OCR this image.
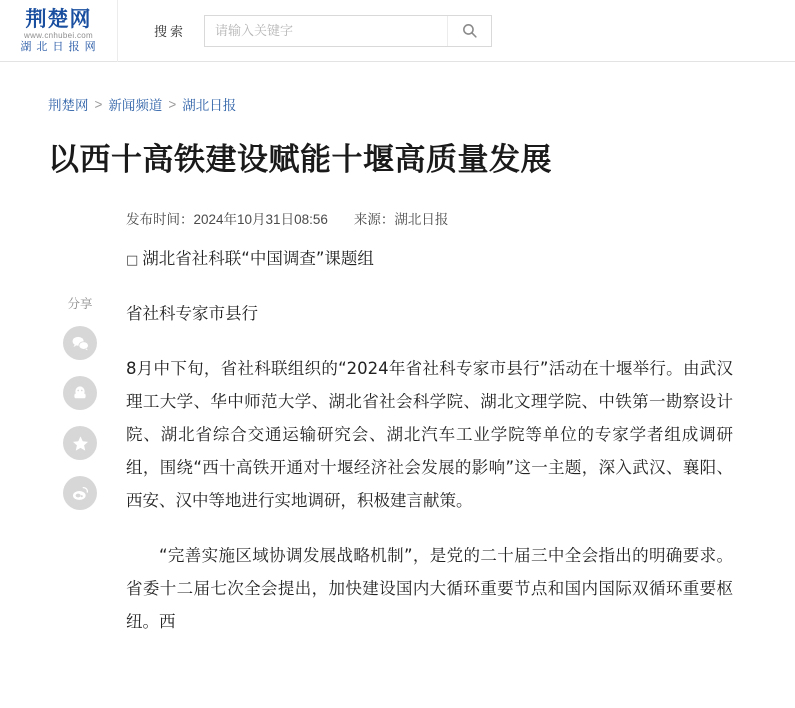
荆楚网
www.cnhubei.com
湖 北 日 报 网
搜索
请输入关键字
荆楚网 > 新闻频道 > 湖北日报
以西十高铁建设赋能十堰高质量发展
发布时间：2024年10月31日08:56 来源：湖北日报

□ 湖北省社科联“中国调查”课题组

省社科专家市县行

8月中下旬，省社科联组织的“2024年省社科专家市县行”活动在十堰举行。由武汉理工大学、华中师范大学、湖北省社会科学院、湖北文理学院、中铁第一勘察设计院、湖北省综合交通运输研究会、湖北汽车工业学院等单位的专家学者组成调研组，围绕“西十高铁开通对十堰经济社会发展的影响”这一主题，深入武汉、襄阳、西安、汉中等地进行实地调研，积极建言献策。

“完善实施区域协调发展战略机制”，是党的二十届三中全会指出的明确要求。省委十二届七次全会提出，加快建设国内大循环重要节点和国内国际双循环重要枢纽。西

分享
